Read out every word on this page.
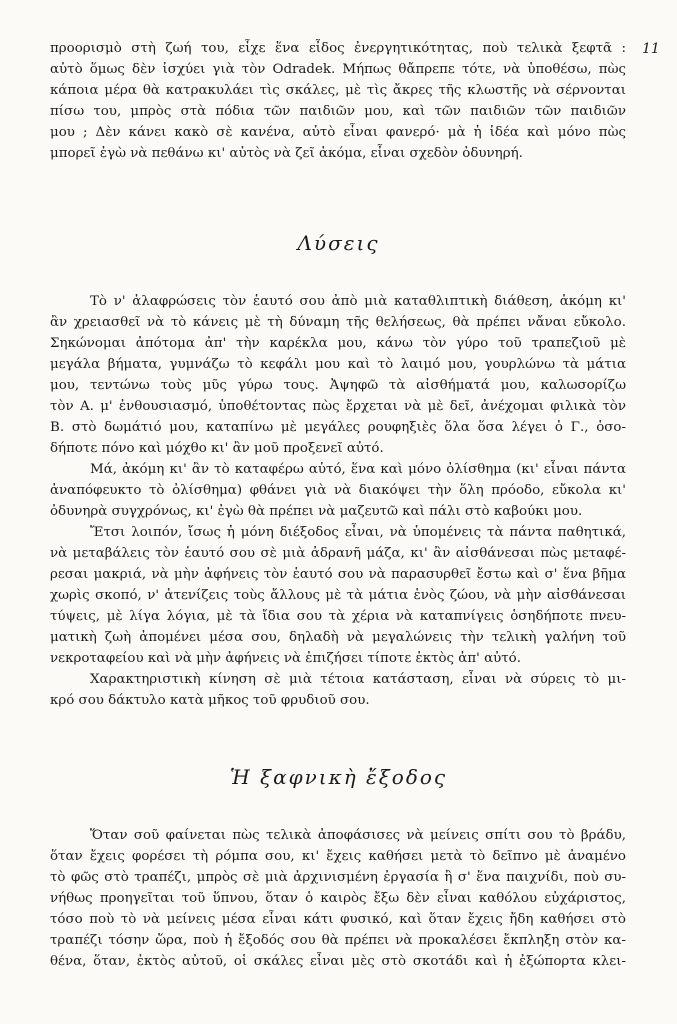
11
προορισμὸ στὴ ζωή του, εἶχε ἕνα εἶδος ἐνεργητικότητας, ποὺ τελικὰ ξεφτᾶ :
αὐτὸ ὅμως δὲν ἰσχύει γιὰ τὸν Odradek. Μήπως θἄπρεπε τότε, νὰ ὑποθέσω, πὼς
κάποια μέρα θὰ κατρακυλάει τὶς σκάλες, μὲ τὶς ἄκρες τῆς κλωστῆς νὰ σέρνονται
πίσω του, μπρὸς στὰ πόδια τῶν παιδιῶν μου, καὶ τῶν παιδιῶν τῶν παιδιῶν
μου ; Δὲν κάνει κακὸ σὲ κανένα, αὐτὸ εἶναι φανερό· μὰ ἡ ἰδέα καὶ μόνο πὼς
μπορεῖ ἐγὼ νὰ πεθάνω κι' αὐτὸς νὰ ζεῖ ἀκόμα, εἶναι σχεδὸν ὀδυνηρή.
Λύσεις
Τὸ ν' ἀλαφρώσεις τὸν ἑαυτό σου ἀπὸ μιὰ καταθλιπτικὴ διάθεση, ἀκόμη κι'
ἂν χρειασθεῖ νὰ τὸ κάνεις μὲ τὴ δύναμη τῆς θελήσεως, θὰ πρέπει νἄναι εὔκολο.
Σηκώνομαι ἀπότομα ἀπ' τὴν καρέκλα μου, κάνω τὸν γύρο τοῦ τραπεζιοῦ μὲ
μεγάλα βήματα, γυμνάζω τὸ κεφάλι μου καὶ τὸ λαιμό μου, γουρλώνω τὰ μάτια
μου, τεντώνω τοὺς μῦς γύρω τους. Ἀψηφῶ τὰ αἰσθήματά μου, καλωσορίζω
τὸν Α. μ' ἐνθουσιασμό, ὑποθέτοντας πὼς ἔρχεται νὰ μὲ δεῖ, ἀνέχομαι φιλικὰ τὸν
Β. στὸ δωμάτιό μου, καταπίνω μὲ μεγάλες ρουφηξιὲς ὅλα ὅσα λέγει ὁ Γ., ὁσο-
δήποτε πόνο καὶ μόχθο κι' ἂν μοῦ προξενεῖ αὐτό.
Μά, ἀκόμη κι' ἂν τὸ καταφέρω αὐτό, ἕνα καὶ μόνο ὀλίσθημα (κι' εἶναι πάντα
ἀναπόφευκτο τὸ ὀλίσθημα) φθάνει γιὰ νὰ διακόψει τὴν ὅλη πρόοδο, εὔκολα κι'
ὀδυνηρὰ συγχρόνως, κι' ἐγὼ θὰ πρέπει νὰ μαζευτῶ καὶ πάλι στὸ καβούκι μου.
Ἔτσι λοιπόν, ἴσως ἡ μόνη διέξοδος εἶναι, νὰ ὑπομένεις τὰ πάντα παθητικά,
νὰ μεταβάλεις τὸν ἑαυτό σου σὲ μιὰ ἀδρανῆ μάζα, κι' ἂν αἰσθάνεσαι πὼς μεταφέ-
ρεσαι μακριά, νὰ μὴν ἀφήνεις τὸν ἑαυτό σου νὰ παρασυρθεῖ ἔστω καὶ σ' ἕνα βῆμα
χωρὶς σκοπό, ν' ἀτενίζεις τοὺς ἄλλους μὲ τὰ μάτια ἑνὸς ζώου, νὰ μὴν αἰσθάνεσαι
τύψεις, μὲ λίγα λόγια, μὲ τὰ ἴδια σου τὰ χέρια νὰ καταπνίγεις ὁσηδήποτε πνευ-
ματικὴ ζωὴ ἀπομένει μέσα σου, δηλαδὴ νὰ μεγαλώνεις τὴν τελικὴ γαλήνη τοῦ
νεκροταφείου καὶ νὰ μὴν ἀφήνεις νὰ ἐπιζήσει τίποτε ἐκτὸς ἀπ' αὐτό.
Χαρακτηριστικὴ κίνηση σὲ μιὰ τέτοια κατάσταση, εἶναι νὰ σύρεις τὸ μι-
κρό σου δάκτυλο κατὰ μῆκος τοῦ φρυδιοῦ σου.
Ἡ ξαφνικὴ ἔξοδος
Ὅταν σοῦ φαίνεται πὼς τελικὰ ἀποφάσισες νὰ μείνεις σπίτι σου τὸ βράδυ,
ὅταν ἔχεις φορέσει τὴ ρόμπα σου, κι' ἔχεις καθήσει μετὰ τὸ δεῖπνο μὲ ἀναμένο
τὸ φῶς στὸ τραπέζι, μπρὸς σὲ μιὰ ἀρχινισμένη ἐργασία ἢ σ' ἕνα παιχνίδι, ποὺ συ-
νήθως προηγεῖται τοῦ ὕπνου, ὅταν ὁ καιρὸς ἔξω δὲν εἶναι καθόλου εὐχάριστος,
τόσο ποὺ τὸ νὰ μείνεις μέσα εἶναι κάτι φυσικό, καὶ ὅταν ἔχεις ἤδη καθήσει στὸ
τραπέζι τόσην ὥρα, ποὺ ἡ ἔξοδός σου θὰ πρέπει νὰ προκαλέσει ἔκπληξη στὸν κα-
θένα, ὅταν, ἐκτὸς αὐτοῦ, οἱ σκάλες εἶναι μὲς στὸ σκοτάδι καὶ ἡ ἐξώπορτα κλει-
